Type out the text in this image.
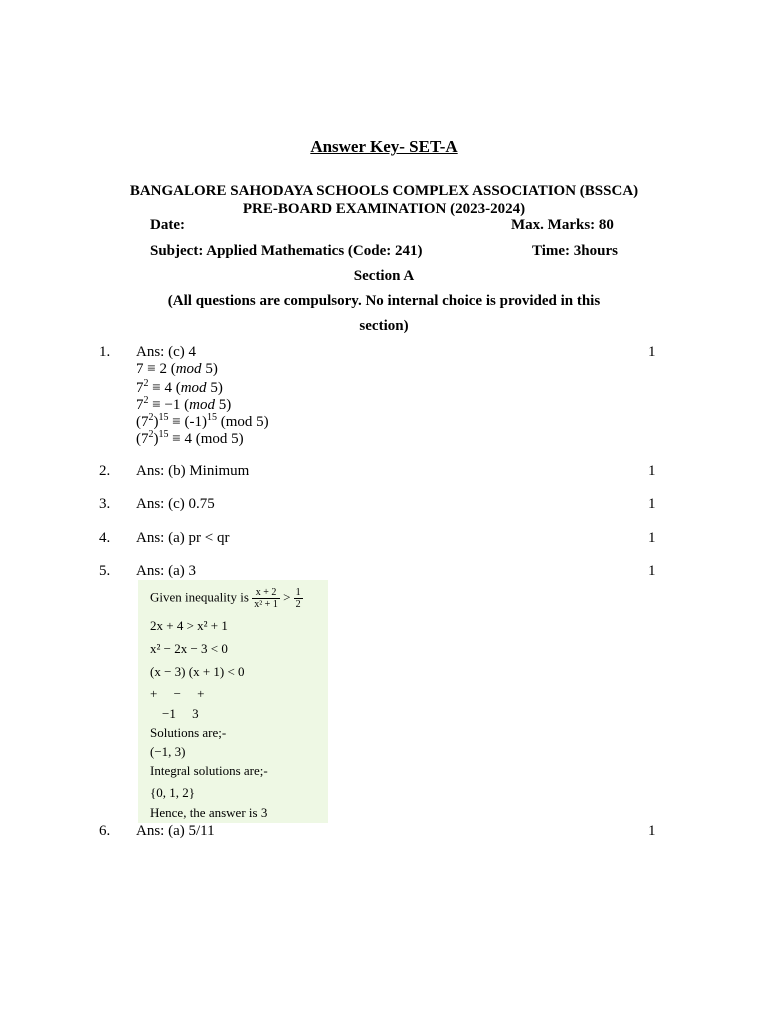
Answer Key- SET-A
BANGALORE SAHODAYA SCHOOLS COMPLEX ASSOCIATION (BSSCA)
PRE-BOARD EXAMINATION (2023-2024)
Date:	Max. Marks: 80
Subject: Applied Mathematics (Code: 241)	Time: 3hours
Section A
(All questions are compulsory. No internal choice is provided in this
section)
1. Ans: (c) 4	1
7 ≡ 2 (mod 5)
$7^2 \equiv 4$ (mod 5)
$7^2 \equiv -1$ (mod 5)
$(7^2)^{15} \equiv (-1)^{15}$ (mod 5)
$(7^2)^{15} \equiv 4$ (mod 5)
2. Ans: (b) Minimum	1
3. Ans: (c) 0.75	1
4. Ans: (a) pr < qr	1
5. Ans: (a) 3	1
Given inequality is $\frac{x + 2}{\text{x² + 1}} > \frac{1}{2}$
2x + 4 > x² + 1
x² − 2x − 3 < 0
(x − 3) (x + 1) < 0
+     −     +
−1     3
Solutions are;-
(−1, 3)
Integral solutions are;-
{0, 1, 2}
Hence, the answer is 3
6. Ans: (a) 5/11	1
